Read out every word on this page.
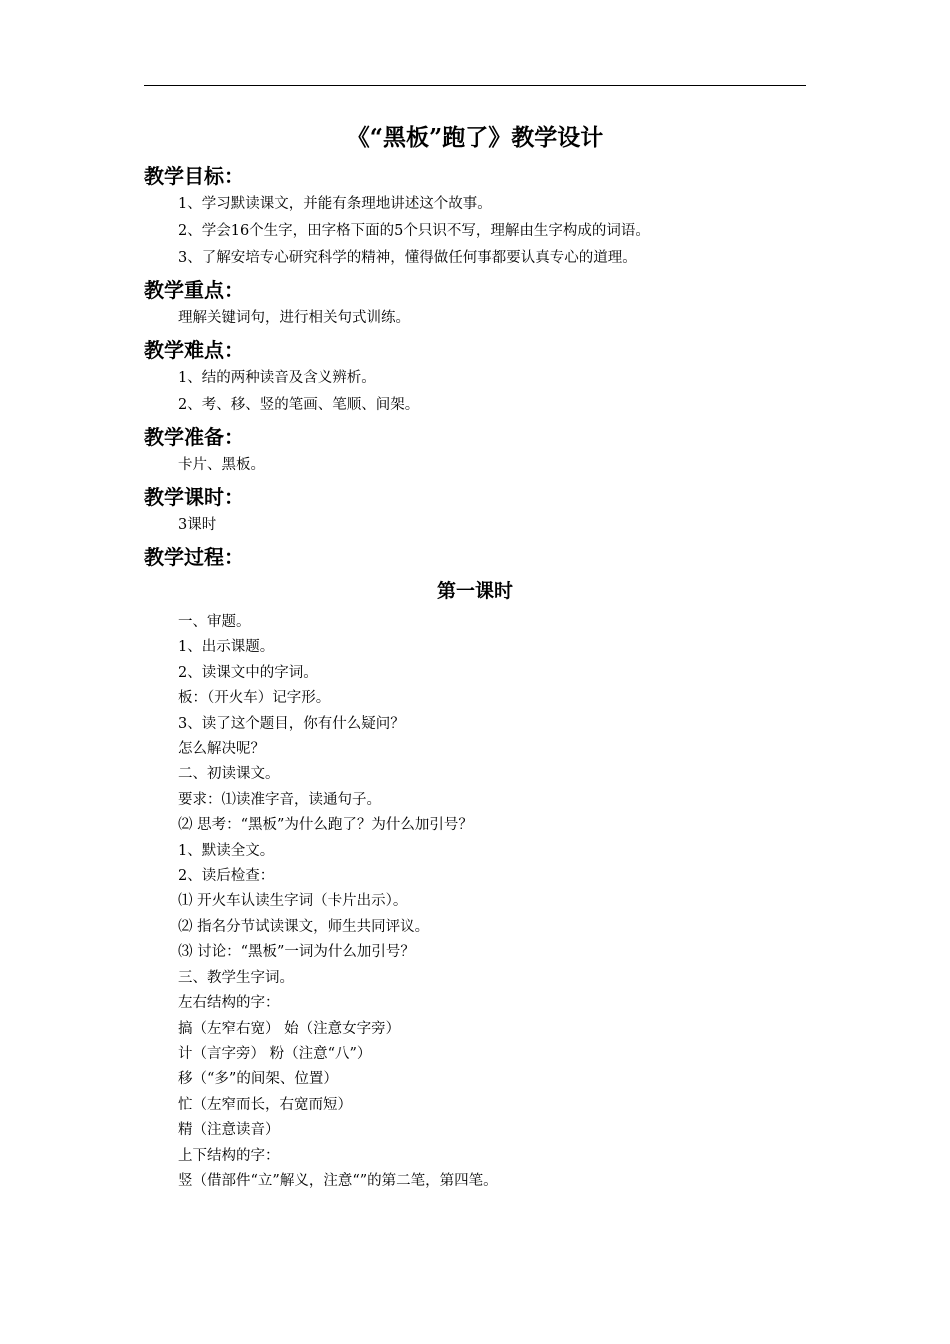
《“黑板”跑了》教学设计
教学目标：

1、学习默读课文，并能有条理地讲述这个故事。

2、学会16个生字，田字格下面的5个只识不写，理解由生字构成的词语。

3、了解安培专心研究科学的精神，懂得做任何事都要认真专心的道理。

教学重点：

理解关键词句，进行相关句式训练。

教学难点：

1、结的两种读音及含义辨析。

2、考、移、竖的笔画、笔顺、间架。

教学准备：

卡片、黑板。

教学课时：

3课时

教学过程：
第一课时

一、审题。

1、出示课题。

2、读课文中的字词。

板：（开火车）记字形。

3、读了这个题目，你有什么疑问？

怎么解决呢？

二、初读课文。

要求：⑴读准字音，读通句子。

⑵ 思考：“黑板”为什么跑了？为什么加引号？

1、默读全文。

2、读后检查：

⑴ 开火车认读生字词（卡片出示）。

⑵ 指名分节试读课文，师生共同评议。

⑶ 讨论：“黑板”一词为什么加引号？

三、教学生字词。

左右结构的字：

搞（左窄右宽） 始（注意女字旁）

计（言字旁） 粉（注意“八”）

移（“多”的间架、位置）

忙（左窄而长，右宽而短）

精（注意读音）

上下结构的字：

竖（借部件“立”解义，注意“”的第二笔，第四笔。
